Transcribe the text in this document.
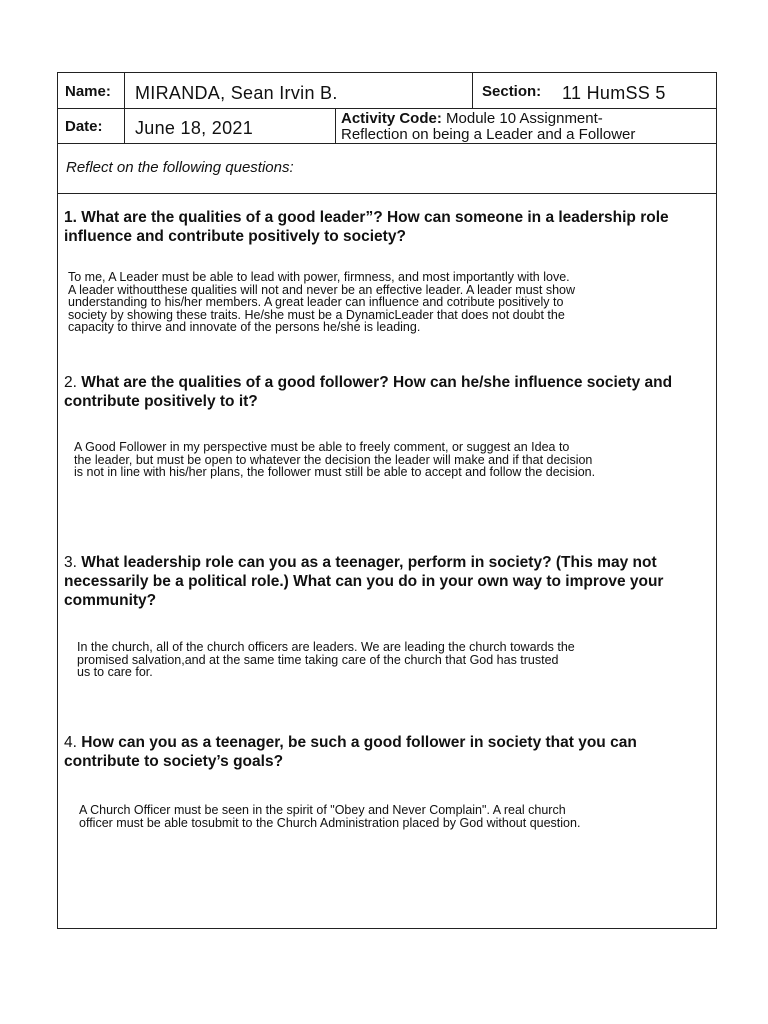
Name: MIRANDA, Sean Irvin B.	Section: 11 HumSS 5
Date: June 18, 2021	Activity Code: Module 10 Assignment-
Reflection on being a Leader and a Follower
Reflect on the following questions:
1. What are the qualities of a good leader”? How can someone in a leadership role influence and contribute positively to society?
To me, A Leader must be able to lead with power, firmness, and most importantly with love.
A leader withoutthese qualities will not and never be an effective leader. A leader must show
understanding to his/her members. A great leader can influence and cotribute positively to
society by showing these traits. He/she must be a DynamicLeader that does not doubt the
capacity to thirve and innovate of the persons he/she is leading.
2. What are the qualities of a good follower? How can he/she influence society and contribute positively to it?
A Good Follower in my perspective must be able to freely comment, or suggest an Idea to
the leader, but must be open to whatever the decision the leader will make and if that decision
is not in line with his/her plans, the follower must still be able to accept and follow the decision.
3. What leadership role can you as a teenager, perform in society? (This may not necessarily be a political role.) What can you do in your own way to improve your community?
In the church, all of the church officers are leaders. We are leading the church towards the
promised salvation,and at the same time taking care of the church that God has trusted
us to care for.
4. How can you as a teenager, be such a good follower in society that you can contribute to society’s goals?
A Church Officer must be seen in the spirit of "Obey and Never Complain". A real church
officer must be able tosubmit to the Church Administration placed by God without question.
